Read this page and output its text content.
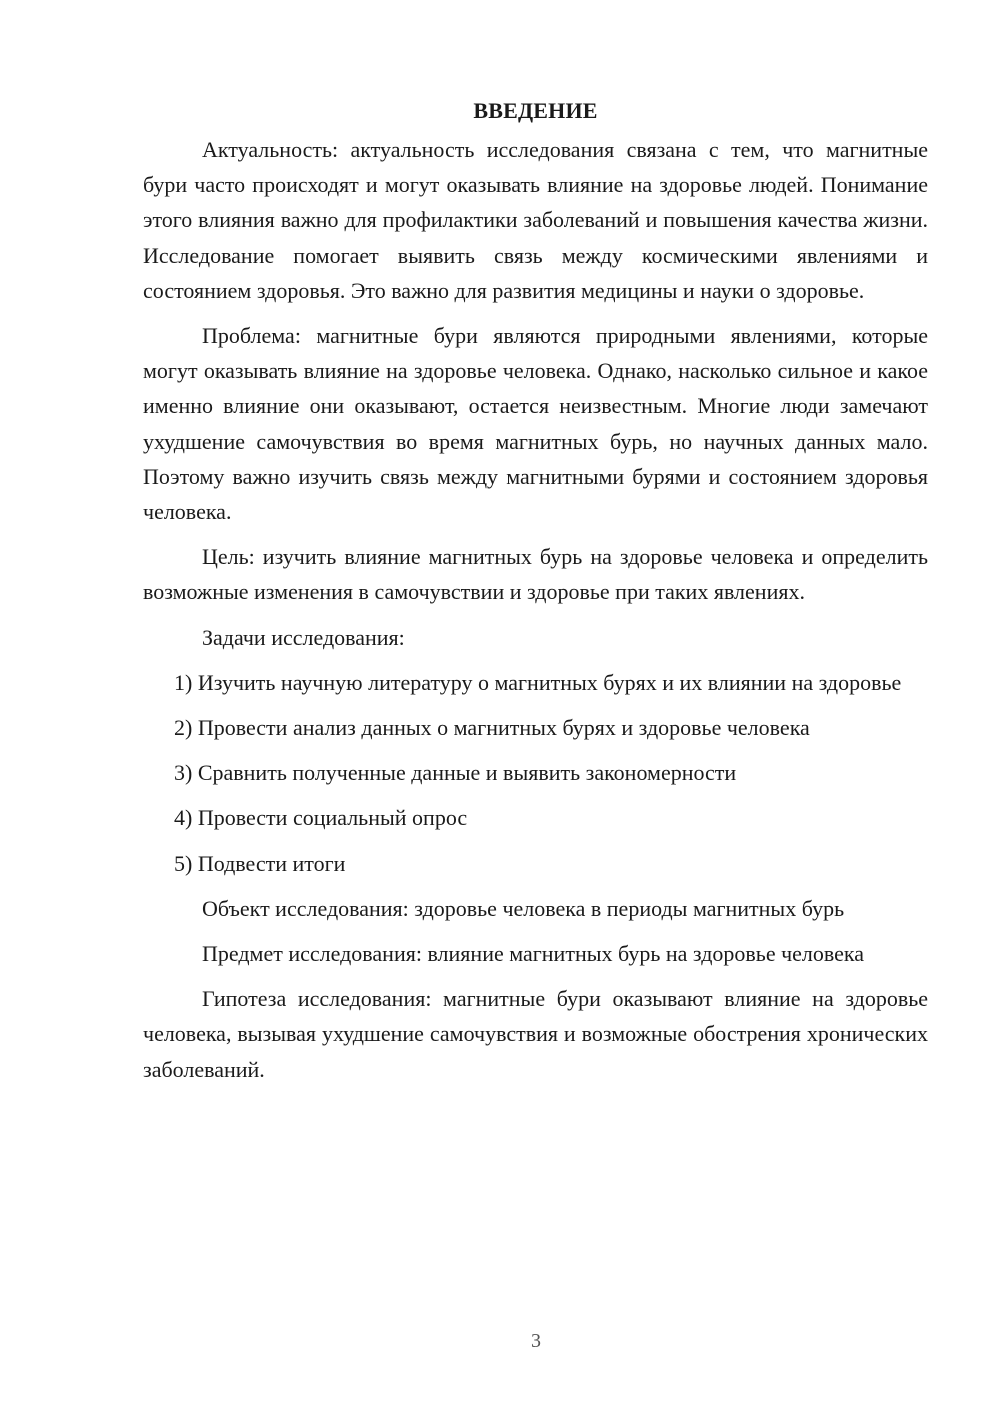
ВВЕДЕНИЕ

Актуальность: актуальность исследования связана с тем, что магнитные бури часто происходят и могут оказывать влияние на здоровье людей. Понимание этого влияния важно для профилактики заболеваний и повышения качества жизни. Исследование помогает выявить связь между космическими явлениями и состоянием здоровья. Это важно для развития медицины и науки о здоровье.

Проблема: магнитные бури являются природными явлениями, которые могут оказывать влияние на здоровье человека. Однако, насколько сильное и какое именно влияние они оказывают, остается неизвестным. Многие люди замечают ухудшение самочувствия во время магнитных бурь, но научных данных мало. Поэтому важно изучить связь между магнитными бурями и состоянием здоровья человека.

Цель: изучить влияние магнитных бурь на здоровье человека и определить возможные изменения в самочувствии и здоровье при таких явлениях.

Задачи исследования:

1) Изучить научную литературу о магнитных бурях и их влиянии на здоровье

2) Провести анализ данных о магнитных бурях и здоровье человека

3) Сравнить полученные данные и выявить закономерности

4) Провести социальный опрос

5) Подвести итоги

Объект исследования: здоровье человека в периоды магнитных бурь

Предмет исследования: влияние магнитных бурь на здоровье человека

Гипотеза исследования: магнитные бури оказывают влияние на здоровье человека, вызывая ухудшение самочувствия и возможные обострения хронических заболеваний.

3
